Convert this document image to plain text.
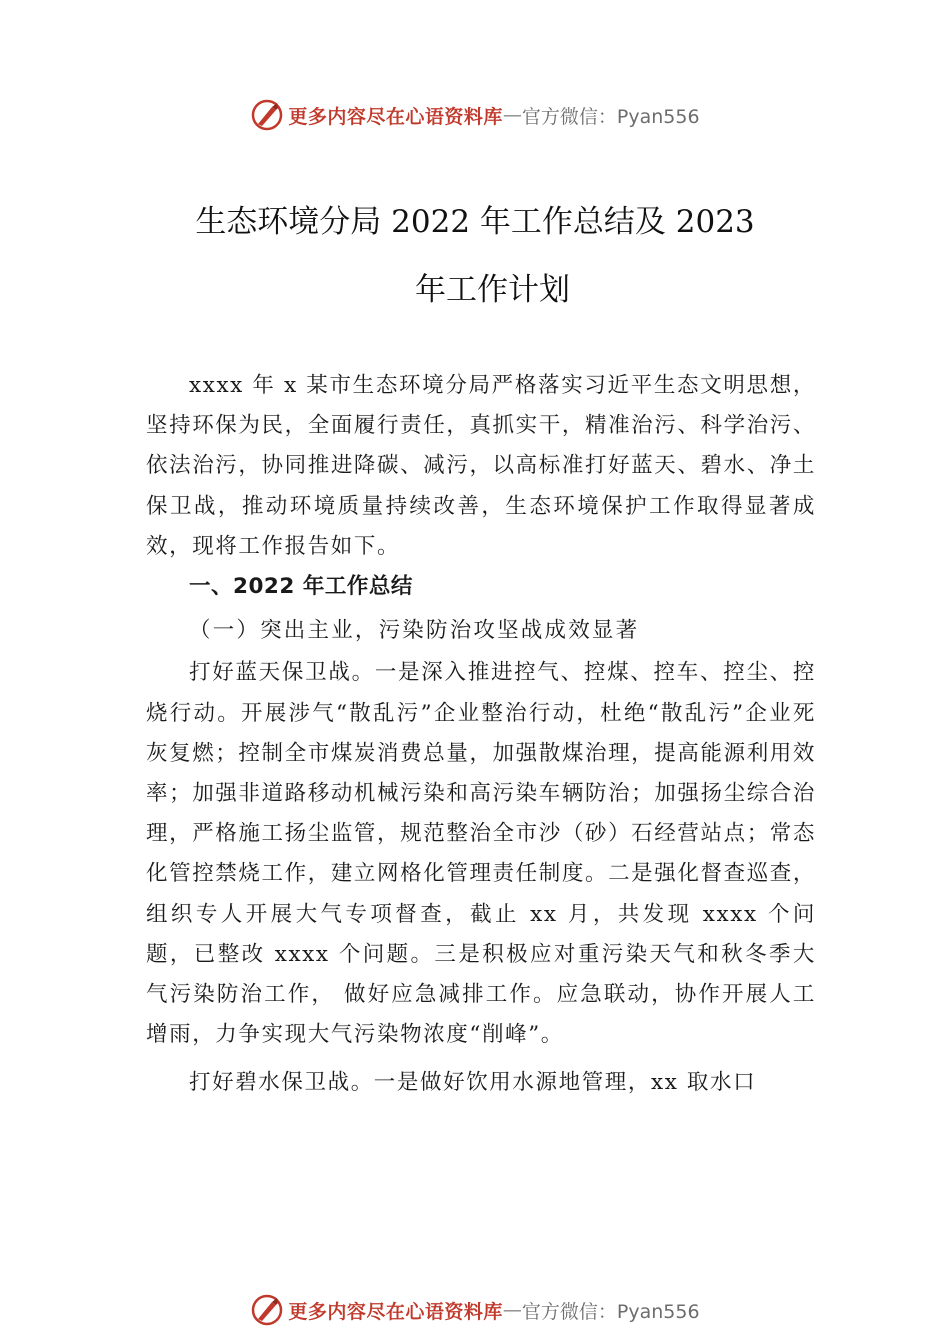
更多内容尽在心语资料库 — 官方微信：Pyan556
生态环境分局 2022 年工作总结及 2023
年工作计划

xxxx 年 x 某市生态环境分局严格落实习近平生态文明思想，坚持环保为民，全面履行责任，真抓实干，精准治污、科学治污、依法治污，协同推进降碳、减污，以高标准打好蓝天、碧水、净土保卫战，推动环境质量持续改善，生态环境保护工作取得显著成效，现将工作报告如下。

一、2022 年工作总结

（一）突出主业，污染防治攻坚战成效显著

打好蓝天保卫战。一是深入推进控气、控煤、控车、控尘、控烧行动。开展涉气“散乱污”企业整治行动，杜绝“散乱污”企业死灰复燃；控制全市煤炭消费总量，加强散煤治理，提高能源利用效率；加强非道路移动机械污染和高污染车辆防治；加强扬尘综合治理，严格施工扬尘监管，规范整治全市沙（砂）石经营站点；常态化管控禁烧工作，建立网格化管理责任制度。二是强化督查巡查，组织专人开展大气专项督查，截止 xx 月，共发现 xxxx 个问题，已整改 xxxx 个问题。三是积极应对重污染天气和秋冬季大气污染防治工作， 做好应急减排工作。应急联动，协作开展人工增雨，力争实现大气污染物浓度“削峰”。

打好碧水保卫战。一是做好饮用水源地管理，xx 取水口

更多内容尽在心语资料库 — 官方微信：Pyan556
